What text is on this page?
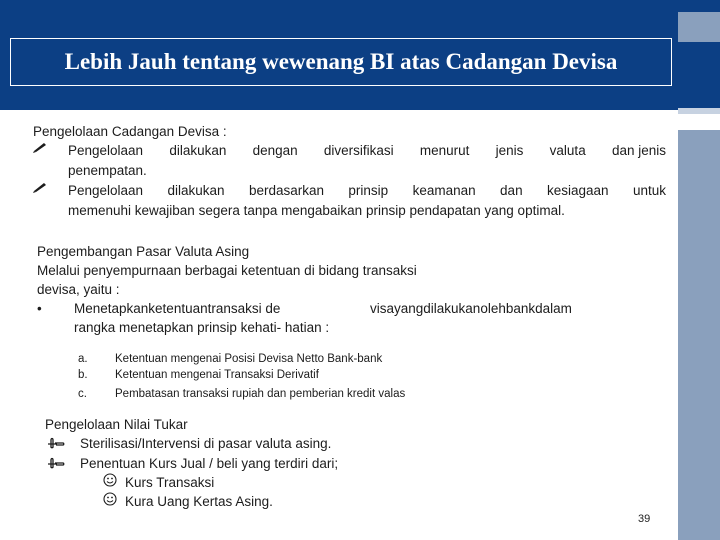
Lebih Jauh tentang wewenang BI atas Cadangan Devisa
Pengelolaan Cadangan Devisa :
Pengelolaan dilakukan dengan diversifikasi menurut jenis valuta dan jenis
penempatan.
Pengelolaan dilakukan berdasarkan prinsip keamanan dan kesiagaan untuk
memenuhi kewajiban segera tanpa mengabaikan prinsip pendapatan yang optimal.
Pengembangan Pasar Valuta Asing
Melalui penyempurnaan berbagai ketentuan di bidang transaksi
devisa, yaitu :
• Menetapkanketentuantransaksi de	visayangdilakukanolehbankdalam
rangka menetapkan prinsip kehati- hatian :
a. Ketentuan mengenai Posisi Devisa Netto Bank-bank
b. Ketentuan mengenai Transaksi Derivatif
c. Pembatasan transaksi rupiah dan pemberian kredit valas
Pengelolaan Nilai Tukar
Sterilisasi/Intervensi di pasar valuta asing.
Penentuan Kurs Jual / beli yang terdiri dari;
Kurs Transaksi
Kura Uang Kertas Asing.
39
